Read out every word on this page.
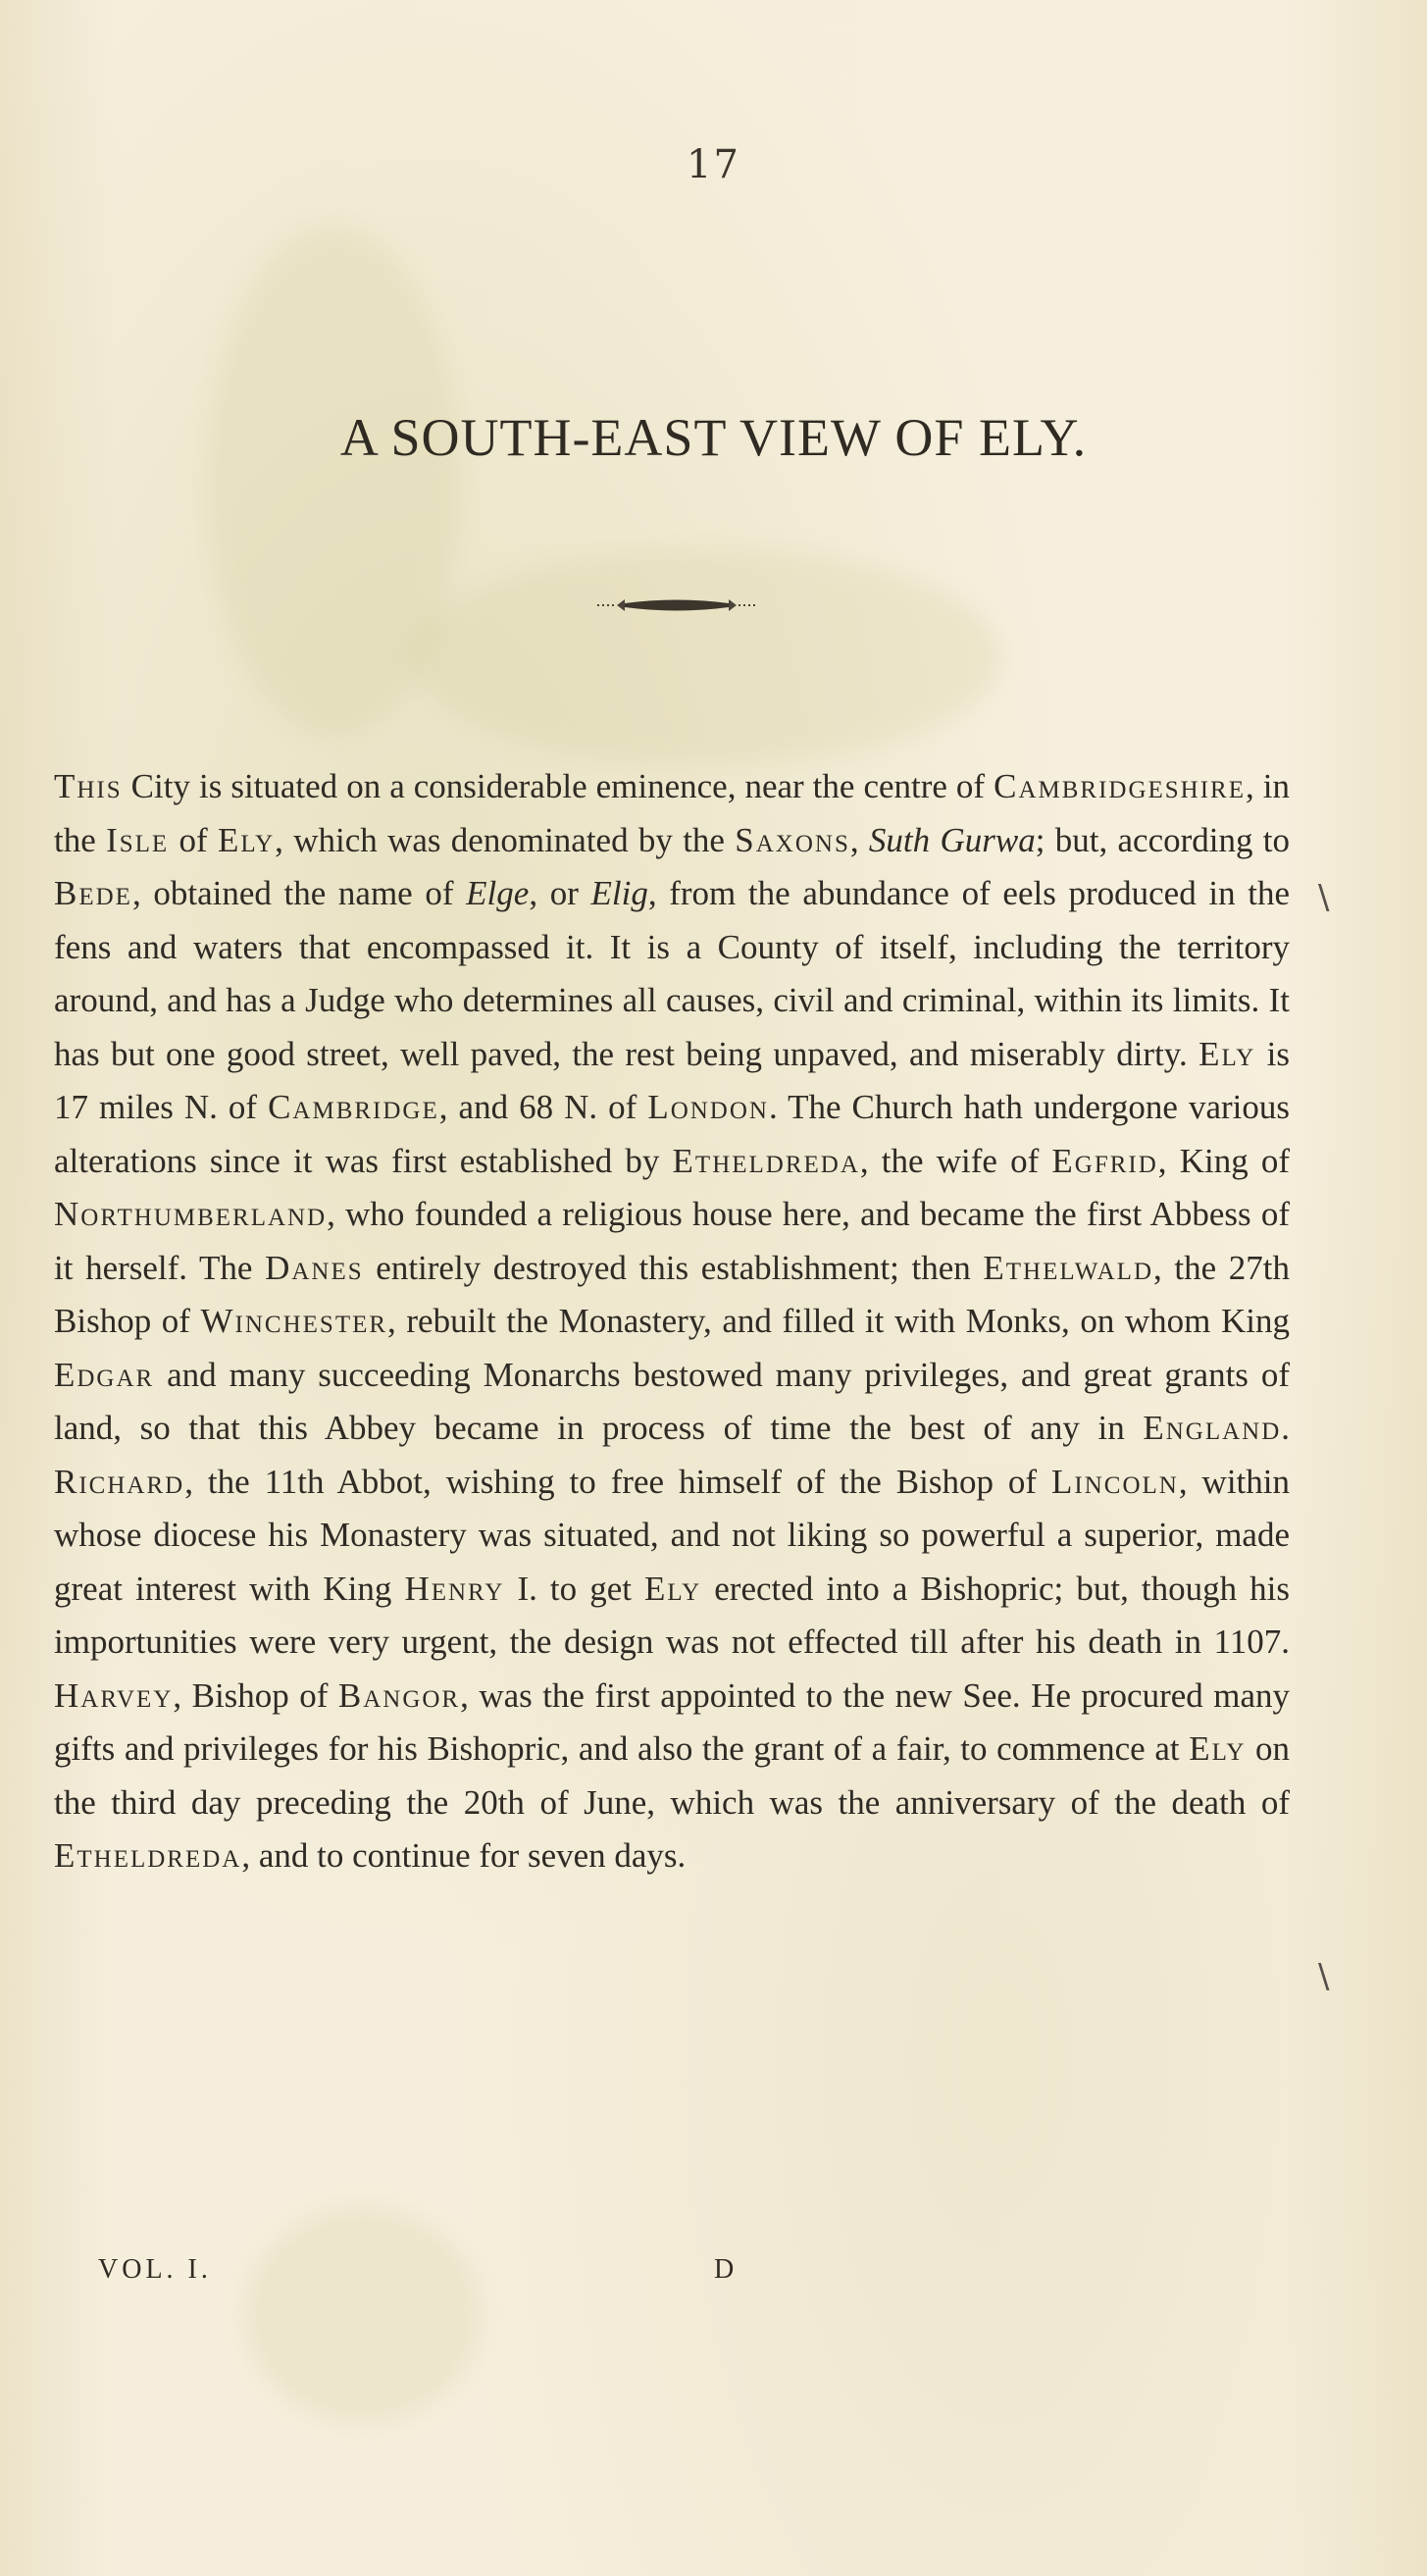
17
A SOUTH-EAST VIEW OF ELY.
This City is situated on a considerable eminence, near the centre of Cambridgeshire, in the Isle of Ely, which was denominated by the Saxons, Suth Gurwa; but, according to Bede, obtained the name of Elge, or Elig, from the abundance of eels produced in the fens and waters that encompassed it. It is a County of itself, including the territory around, and has a Judge who determines all causes, civil and criminal, within its limits. It has but one good street, well paved, the rest being unpaved, and miserably dirty. Ely is 17 miles N. of Cambridge, and 68 N. of London. The Church hath undergone various alterations since it was first established by Etheldreda, the wife of Egfrid, King of Northumberland, who founded a religious house here, and became the first Abbess of it herself. The Danes entirely destroyed this establishment; then Ethelwald, the 27th Bishop of Winchester, rebuilt the Monastery, and filled it with Monks, on whom King Edgar and many succeeding Monarchs bestowed many privileges, and great grants of land, so that this Abbey became in process of time the best of any in England. Richard, the 11th Abbot, wishing to free himself of the Bishop of Lincoln, within whose diocese his Monastery was situated, and not liking so powerful a superior, made great interest with King Henry I. to get Ely erected into a Bishopric; but, though his importunities were very urgent, the design was not effected till after his death in 1107. Harvey, Bishop of Bangor, was the first appointed to the new See. He procured many gifts and privileges for his Bishopric, and also the grant of a fair, to commence at Ely on the third day preceding the 20th of June, which was the anniversary of the death of Etheldreda, and to continue for seven days.
\
\
VOL. I.	D
